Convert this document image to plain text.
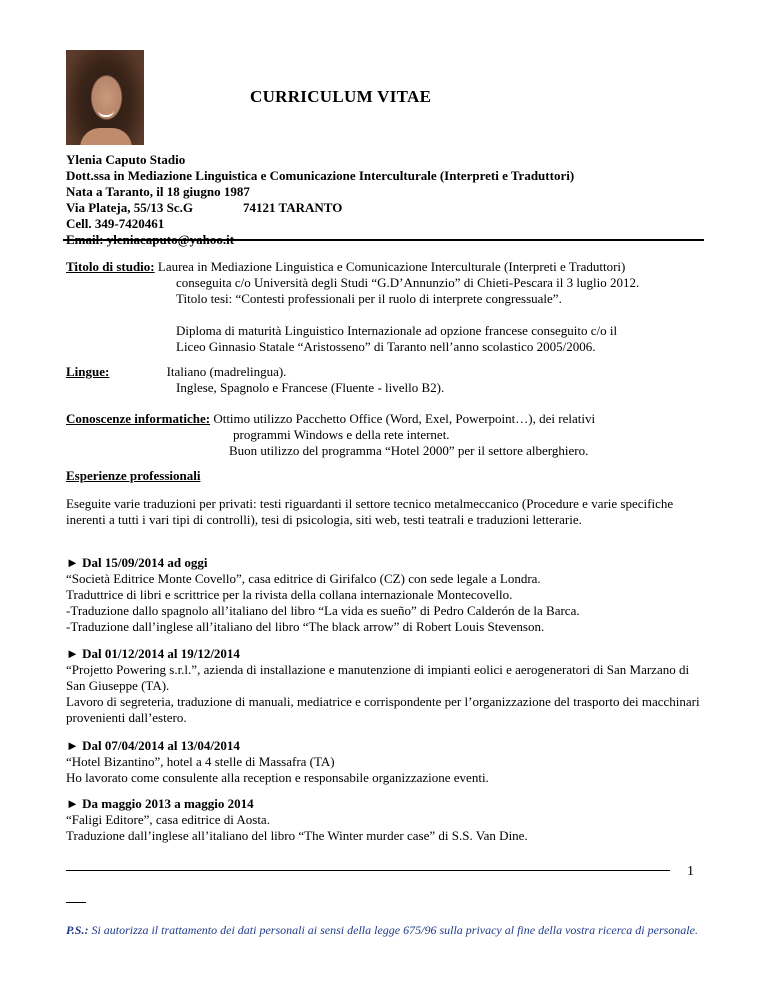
CURRICULUM VITAE
Ylenia Caputo Stadio
Dott.ssa in Mediazione Linguistica e Comunicazione Interculturale (Interpreti e Traduttori)
Nata a Taranto, il 18 giugno 1987
Via Plateja, 55/13 Sc.G	74121 TARANTO
Cell. 349-7420461
Email: yleniacaputo@yahoo.it
Titolo di studio: Laurea in Mediazione Linguistica e Comunicazione Interculturale (Interpreti e Traduttori)
conseguita c/o Università degli Studi “G.D’Annunzio” di Chieti-Pescara il 3 luglio 2012.
Titolo tesi: “Contesti professionali per il ruolo di interprete congressuale”.
Diploma di maturità Linguistico Internazionale ad opzione francese conseguito c/o il
Liceo Ginnasio Statale “Aristosseno” di Taranto nell’anno scolastico 2005/2006.
Lingue:	Italiano (madrelingua).
Inglese, Spagnolo e Francese (Fluente - livello B2).
Conoscenze informatiche: Ottimo utilizzo Pacchetto Office (Word, Exel, Powerpoint…), dei relativi
programmi Windows e della rete internet.
Buon utilizzo del programma “Hotel 2000” per il settore alberghiero.
Esperienze professionali
Eseguite varie traduzioni per privati: testi riguardanti il settore tecnico metalmeccanico (Procedure e varie specifiche inerenti a tutti i vari tipi di controlli), tesi di psicologia, siti web, testi teatrali e traduzioni letterarie.
► Dal 15/09/2014 ad oggi
“Società Editrice Monte Covello”, casa editrice di Girifalco (CZ) con sede legale a Londra.
Traduttrice di libri e scrittrice per la rivista della collana internazionale Montecovello.
-Traduzione dallo spagnolo all’italiano del libro “La vida es sueño” di Pedro Calderón de la Barca.
-Traduzione dall’inglese all’italiano del libro “The black arrow” di Robert Louis Stevenson.
► Dal 01/12/2014 al 19/12/2014
“Projetto Powering s.r.l.”, azienda di installazione e manutenzione di impianti eolici e aerogeneratori di San Marzano di San Giuseppe (TA).
Lavoro di segreteria, traduzione di manuali, mediatrice e corrispondente per l’organizzazione del trasporto dei macchinari provenienti dall’estero.
► Dal 07/04/2014 al 13/04/2014
“Hotel Bizantino”, hotel a 4 stelle di Massafra (TA)
Ho lavorato come consulente alla reception e responsabile organizzazione eventi.
► Da maggio 2013 a maggio 2014
“Faligi Editore”, casa editrice di Aosta.
Traduzione dall’inglese all’italiano del libro “The Winter murder case” di S.S. Van Dine.
1
P.S.: Si autorizza il trattamento dei dati personali ai sensi della legge 675/96 sulla privacy al fine della vostra ricerca di personale.
